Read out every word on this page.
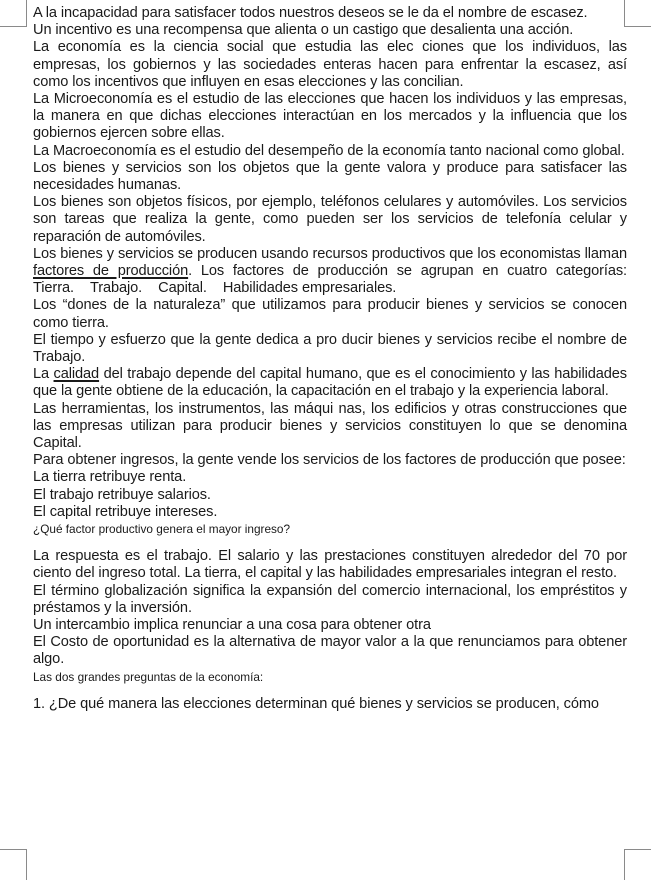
A la incapacidad para satisfacer todos nuestros deseos se le da el nombre de escasez.

Un incentivo es una recompensa que alienta o un castigo que desalienta una acción.

La economía es la ciencia social que estudia las elec ciones que los individuos, las empresas, los gobiernos y las sociedades enteras hacen para enfrentar la escasez, así como los incentivos que influyen en esas elecciones y las concilian.

La Microeconomía es el estudio de las elecciones que hacen los individuos y las empresas, la manera en que dichas elecciones interactúan en los mercados y la influencia que los gobiernos ejercen sobre ellas.

La Macroeconomía es el estudio del desempeño de la economía tanto nacional como global.

Los bienes y servicios son los objetos que la gente valora y produce para satisfacer las necesidades humanas.

Los bienes son objetos físicos, por ejemplo, teléfonos celulares y automóviles. Los servicios son tareas que realiza la gente, como pueden ser los servicios de telefonía celular y reparación de automóviles.

Los bienes y servicios se producen usando recursos productivos que los economistas llaman factores de producción. Los factores de producción se agrupan en cuatro categorías: Tierra. Trabajo. Capital. Habilidades empresariales.

Los “dones de la naturaleza” que utilizamos para producir bienes y servicios se conocen como tierra.

El tiempo y esfuerzo que la gente dedica a pro ducir bienes y servicios recibe el nombre de Trabajo.

La calidad del trabajo depende del capital humano, que es el conocimiento y las habilidades que la gente obtiene de la educación, la capacitación en el trabajo y la experiencia laboral.

Las herramientas, los instrumentos, las máqui nas, los edificios y otras construcciones que las empresas utilizan para producir bienes y servicios constituyen lo que se denomina Capital.

Para obtener ingresos, la gente vende los servicios de los factores de producción que posee:

La tierra retribuye renta.

El trabajo retribuye salarios.

El capital retribuye intereses.

¿Qué factor productivo genera el mayor ingreso?

La respuesta es el trabajo. El salario y las prestaciones constituyen alrededor del 70 por ciento del ingreso total. La tierra, el capital y las habilidades empresariales integran el resto.

El término globalización significa la expansión del comercio internacional, los empréstitos y préstamos y la inversión.

Un intercambio implica renunciar a una cosa para obtener otra

El Costo de oportunidad es la alternativa de mayor valor a la que renunciamos para obtener algo.

Las dos grandes preguntas de la economía:

1. ¿De qué manera las elecciones determinan qué bienes y servicios se producen, cómo
